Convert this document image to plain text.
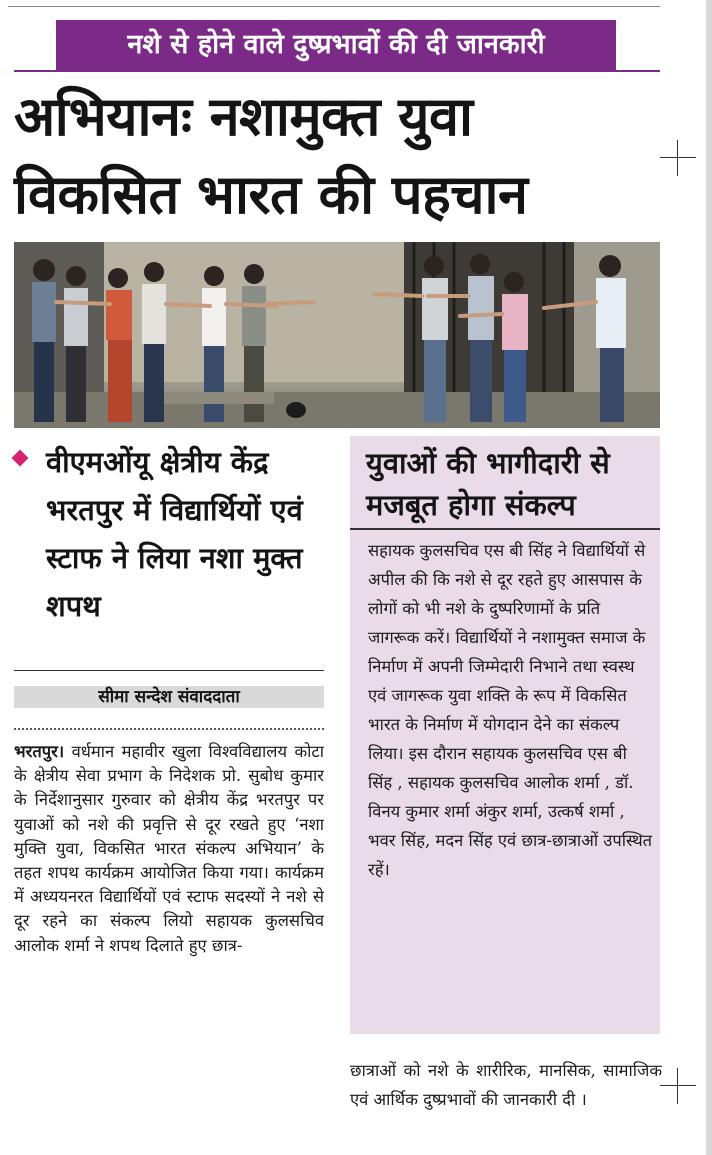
नशे से होने वाले दुष्प्रभावों की दी जानकारी
अभियानः नशामुक्त युवा
विकसित भारत की पहचान
वीएमओंयू क्षेत्रीय केंद्र भरतपुर में विद्यार्थियों एवं स्टाफ ने लिया नशा मुक्त शपथ
सीमा सन्देश संवाददाता
भरतपुर। वर्धमान महावीर खुला विश्वविद्यालय कोटा के क्षेत्रीय सेवा प्रभाग के निदेशक प्रो. सुबोध कुमार के निर्देशानुसार गुरुवार को क्षेत्रीय केंद्र भरतपुर पर युवाओं को नशे की प्रवृत्ति से दूर रखते हुए ‘नशा मुक्ति युवा, विकसित भारत संकल्प अभियान’ के तहत शपथ कार्यक्रम आयोजित किया गया। कार्यक्रम में अध्ययनरत विद्यार्थियों एवं स्टाफ सदस्यों ने नशे से दूर रहने का संकल्प लियो सहायक कुलसचिव आलोक शर्मा ने शपथ दिलाते हुए छात्र-
युवाओं की भागीदारी से मजबूत होगा संकल्प
सहायक कुलसचिव एस बी सिंह ने विद्यार्थियों से अपील की कि नशे से दूर रहते हुए आसपास के लोगों को भी नशे के दुष्परिणामों के प्रति जागरूक करें। विद्यार्थियों ने नशामुक्त समाज के निर्माण में अपनी जिम्मेदारी निभाने तथा स्वस्थ एवं जागरूक युवा शक्ति के रूप में विकसित भारत के निर्माण में योगदान देने का संकल्प लिया। इस दौरान सहायक कुलसचिव एस बी सिंह , सहायक कुलसचिव आलोक शर्मा , डॉ. विनय कुमार शर्मा अंकुर शर्मा, उत्कर्ष शर्मा , भवर सिंह, मदन सिंह एवं छात्र-छात्राओं उपस्थित रहें।
छात्राओं को नशे के शारीरिक, मानसिक, सामाजिक एवं आर्थिक दुष्प्रभावों की जानकारी दी ।
